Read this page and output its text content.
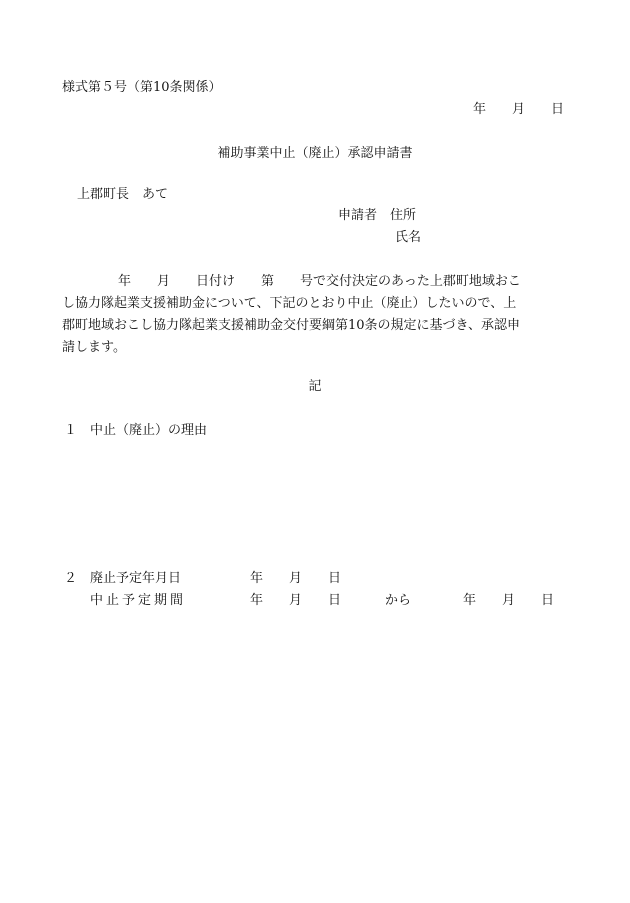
様式第５号（第10条関係）
年　　月　　日
補助事業中止（廃止）承認申請書
上郡町長　あて
申請者　住所
氏名
年　　月　　日付け　　第　　号で交付決定のあった上郡町地域おこ
し協力隊起業支援補助金について、下記のとおり中止（廃止）したいので、上
郡町地域おこし協力隊起業支援補助金交付要綱第10条の規定に基づき、承認申
請します。
記
１ 中止（廃止）の理由
２ 廃止予定年月日	年　　月　　日
中止予定期間	年　　月　　日	から	年　　月　　日
